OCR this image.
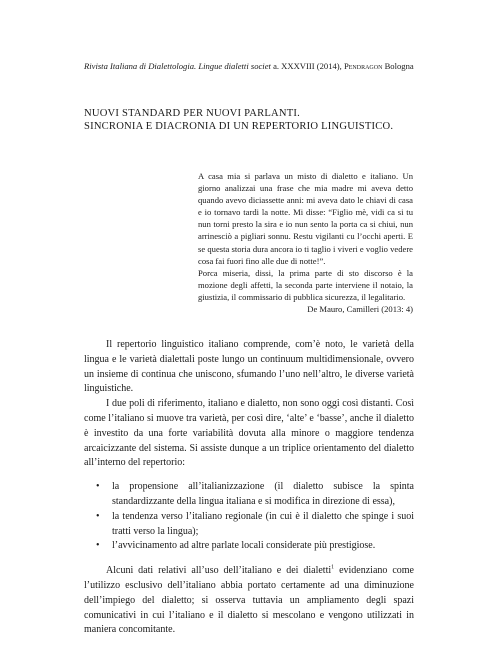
Rivista Italiana di Dialettologia. Lingue dialetti societ a. XXXVIII (2014), Pendragon Bologna
NUOVI STANDARD PER NUOVI PARLANTI.
SINCRONIA E DIACRONIA DI UN REPERTORIO LINGUISTICO.

A casa mia si parlava un misto di dialetto e italiano. Un giorno analizzai una frase che mia madre mi aveva detto quando avevo diciassette anni: mi aveva dato le chiavi di casa e io tornavo tardi la notte. Mi disse: “Figlio mè, vidi ca si tu nun torni presto la sira e io nun sento la porta ca si chiui, nun arrinesciò a pigliari sonnu. Restu vigilanti cu l’occhi aperti. E se questa storia dura ancora io ti taglio i viveri e voglio vedere cosa fai fuori fino alle due di notte!”.

Porca miseria, dissi, la prima parte di sto discorso è la mozione degli affetti, la seconda parte interviene il notaio, la giustizia, il commissario di pubblica sicurezza, il legalitario.

De Mauro, Camilleri (2013: 4)

Il repertorio linguistico italiano comprende, com’è noto, le varietà della lingua e le varietà dialettali poste lungo un continuum multidimensionale, ovvero un insieme di continua che uniscono, sfumando l’uno nell’altro, le diverse varietà linguistiche.

I due poli di riferimento, italiano e dialetto, non sono oggi così distanti. Così come l’italiano si muove tra varietà, per così dire, ‘alte’ e ‘basse’, anche il dialetto è investito da una forte variabilità dovuta alla minore o maggiore tendenza arcaicizzante del sistema. Si assiste dunque a un triplice orientamento del dialetto all’interno del repertorio:

• la propensione all’italianizzazione (il dialetto subisce la spinta standardizzante della lingua italiana e si modifica in direzione di essa),
• la tendenza verso l’italiano regionale (in cui è il dialetto che spinge i suoi tratti verso la lingua);
• l’avvicinamento ad altre parlate locali considerate più prestigiose.

Alcuni dati relativi all’uso dell’italiano e dei dialetti$^1$ evidenziano come l’utilizzo esclusivo dell’italiano abbia portato certamente ad una diminuzione dell’impiego del dialetto; si osserva tuttavia un ampliamento degli spazi comunicativi in cui l’italiano e il dialetto si mescolano e vengono utilizzati in maniera concomitante.
